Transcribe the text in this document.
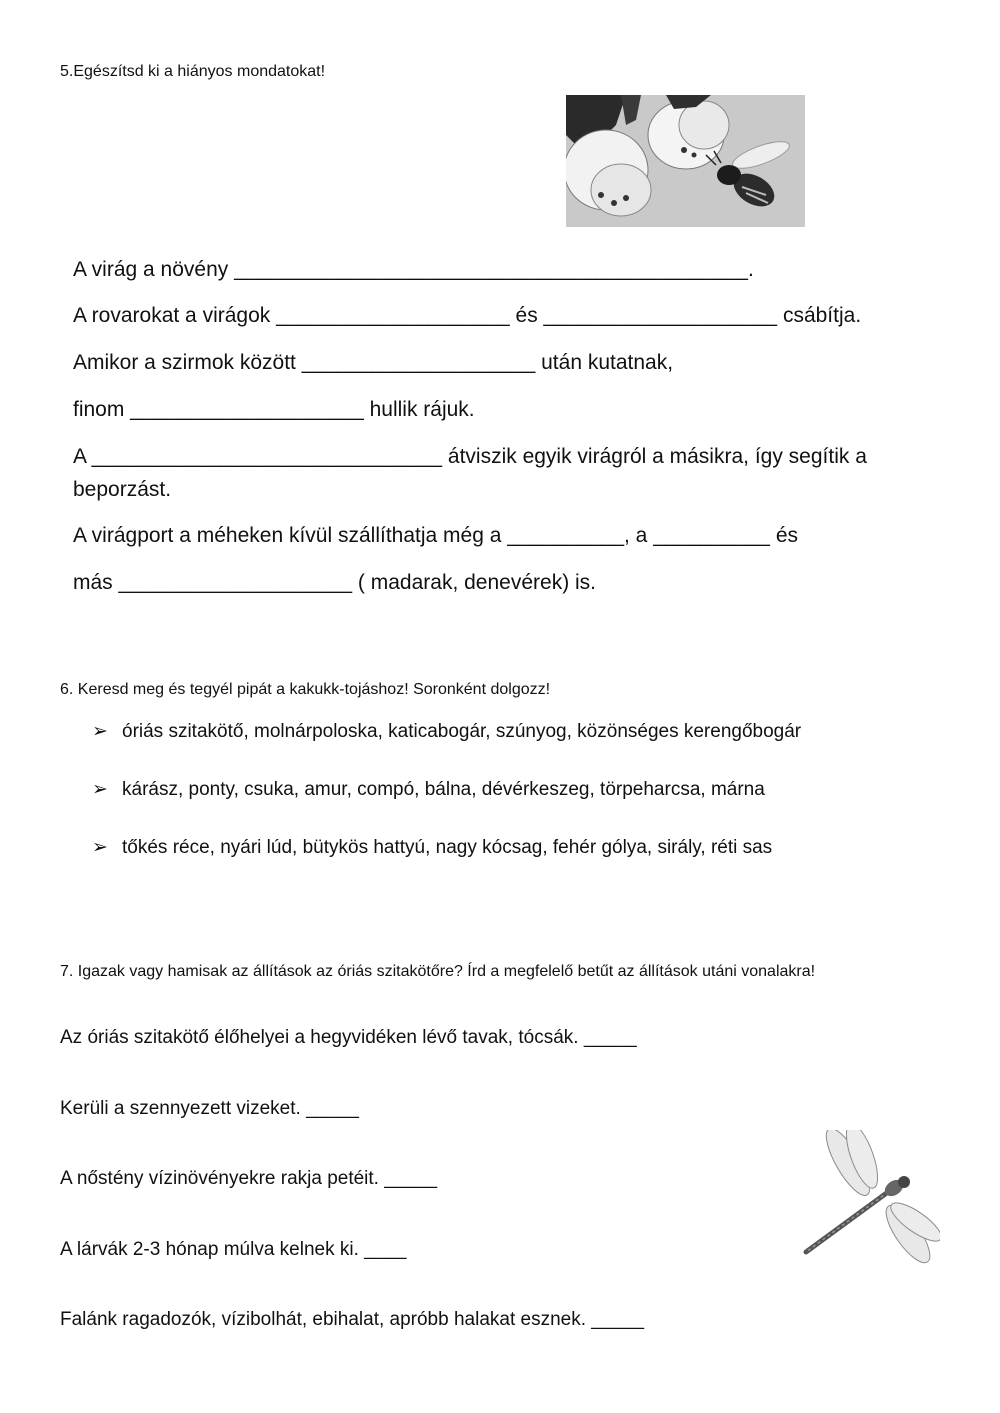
5.Egészítsd ki a hiányos mondatokat!
A virág a növény ____________________________________________.
A rovarokat a virágok ____________________ és ____________________ csábítja.
Amikor a szirmok között ____________________ után kutatnak,
finom ____________________ hullik rájuk.
A ______________________________ átviszik egyik virágról a másikra, így segítik a
beporzást.
A virágport a méheken kívül szállíthatja még a __________, a __________ és
más ____________________ ( madarak, denevérek) is.
6. Keresd meg és tegyél pipát a kakukk-tojáshoz! Soronként dolgozz!
➢ óriás szitakötő, molnárpoloska, katicabogár, szúnyog, közönséges kerengőbogár
➢ kárász, ponty, csuka, amur, compó, bálna, dévérkeszeg, törpeharcsa, márna
➢ tőkés réce, nyári lúd, bütykös hattyú, nagy kócsag, fehér gólya, sirály, réti sas
7. Igazak vagy hamisak az állítások az óriás szitakötőre? Írd a megfelelő betűt az állítások utáni vonalakra!
Az óriás szitakötő élőhelyei a hegyvidéken lévő tavak, tócsák. _____
Kerüli a szennyezett vizeket. _____
A nőstény vízinövényekre rakja petéit. _____
A lárvák 2-3 hónap múlva kelnek ki. ____
Falánk ragadozók, vízibolhát, ebihalat, apróbb halakat esznek. _____
